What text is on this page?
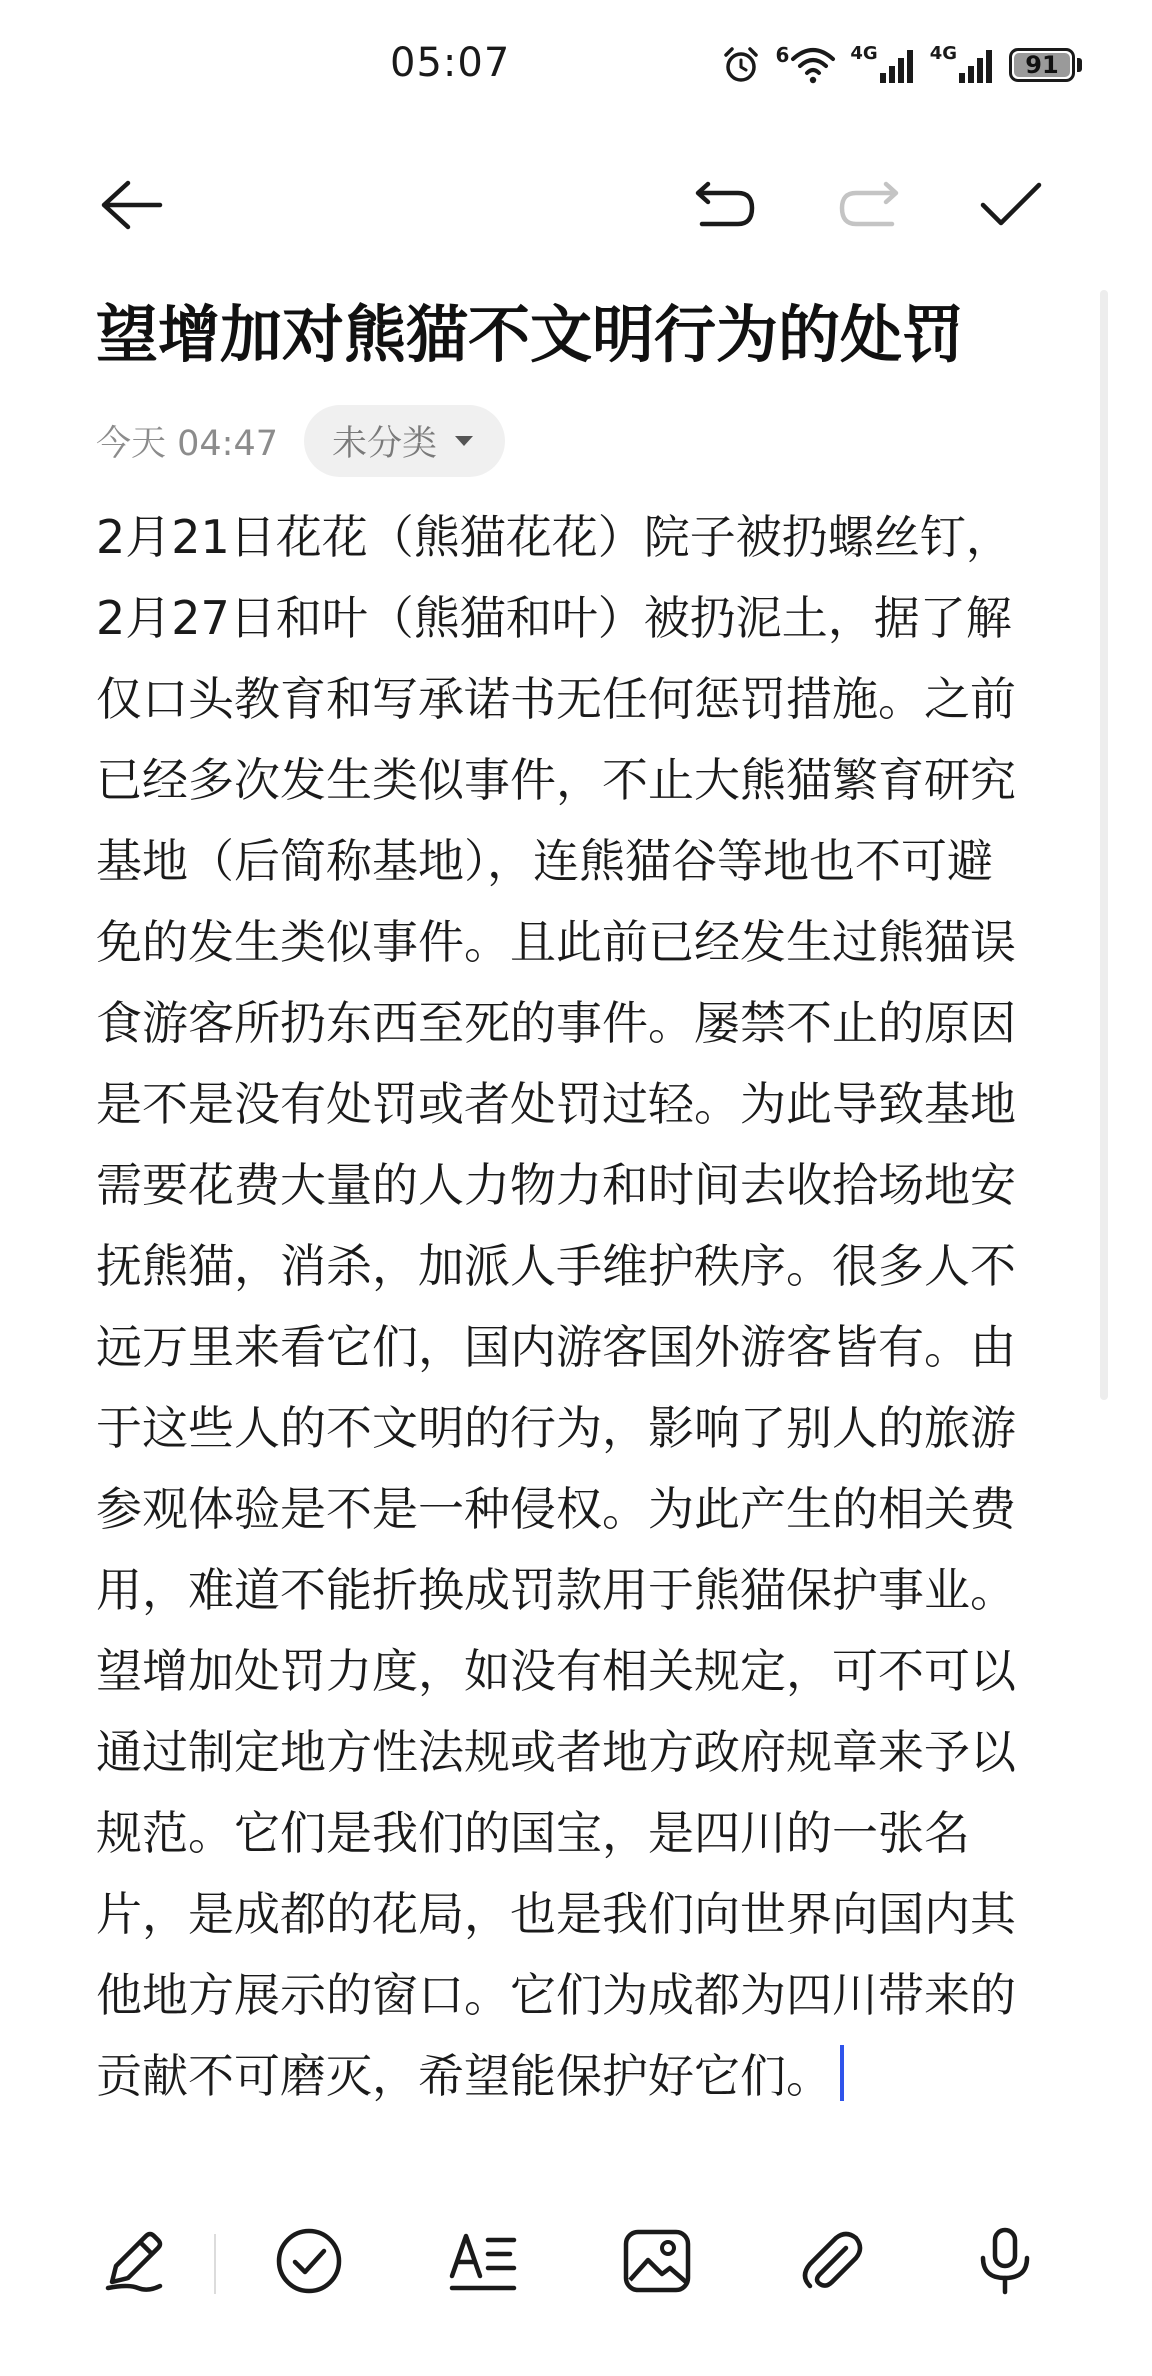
05:07	6	4G	4G	91
望增加对熊猫不文明行为的处罚
今天 04:47 未分类
2月21日花花（熊猫花花）院子被扔螺丝钉，
2月27日和叶（熊猫和叶）被扔泥土，据了解
仅口头教育和写承诺书无任何惩罚措施。之前
已经多次发生类似事件，不止大熊猫繁育研究
基地（后简称基地），连熊猫谷等地也不可避
免的发生类似事件。且此前已经发生过熊猫误
食游客所扔东西至死的事件。屡禁不止的原因
是不是没有处罚或者处罚过轻。为此导致基地
需要花费大量的人力物力和时间去收拾场地安
抚熊猫，消杀，加派人手维护秩序。很多人不
远万里来看它们，国内游客国外游客皆有。由
于这些人的不文明的行为，影响了别人的旅游
参观体验是不是一种侵权。为此产生的相关费
用，难道不能折换成罚款用于熊猫保护事业。
望增加处罚力度，如没有相关规定，可不可以
通过制定地方性法规或者地方政府规章来予以
规范。它们是我们的国宝，是四川的一张名
片，是成都的花局，也是我们向世界向国内其
他地方展示的窗口。它们为成都为四川带来的
贡献不可磨灭，希望能保护好它们。
